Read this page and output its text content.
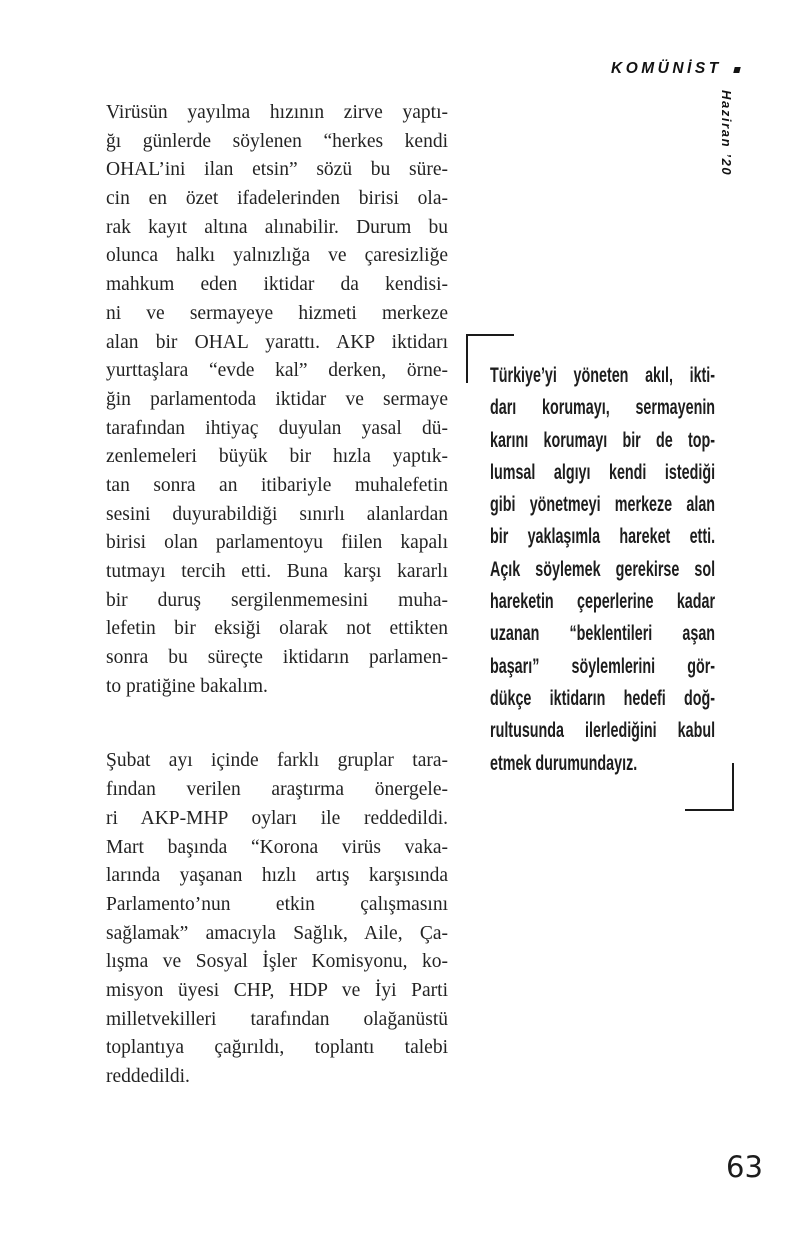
KOMÜNİST
Haziran ’20
Virüsün yayılma hızının zirve yaptı-
ğı günlerde söylenen “herkes kendi
OHAL’ini ilan etsin” sözü bu süre-
cin en özet ifadelerinden birisi ola-
rak kayıt altına alınabilir. Durum bu
olunca halkı yalnızlığa ve çaresizliğe
mahkum eden iktidar da kendisi-
ni ve sermayeye hizmeti merkeze
alan bir OHAL yarattı. AKP iktidarı
yurttaşlara “evde kal” derken, örne-
ğin parlamentoda iktidar ve sermaye
tarafından ihtiyaç duyulan yasal dü-
zenlemeleri büyük bir hızla yaptık-
tan sonra an itibariyle muhalefetin
sesini duyurabildiği sınırlı alanlardan
birisi olan parlamentoyu fiilen kapalı
tutmayı tercih etti. Buna karşı kararlı
bir duruş sergilenmemesini muha-
lefetin bir eksiği olarak not ettikten
sonra bu süreçte iktidarın parlamen-
to pratiğine bakalım.
Şubat ayı içinde farklı gruplar tara-
fından verilen araştırma önergele-
ri AKP-MHP oyları ile reddedildi.
Mart başında “Korona virüs vaka-
larında yaşanan hızlı artış karşısında
Parlamento’nun etkin çalışmasını
sağlamak” amacıyla Sağlık, Aile, Ça-
lışma ve Sosyal İşler Komisyonu, ko-
misyon üyesi CHP, HDP ve İyi Parti
milletvekilleri tarafından olağanüstü
toplantıya çağırıldı, toplantı talebi
reddedildi.
Türkiye’yi yöneten akıl, ikti-
darı korumayı, sermayenin
karını korumayı bir de top-
lumsal algıyı kendi istediği
gibi yönetmeyi merkeze alan
bir yaklaşımla hareket etti.
Açık söylemek gerekirse sol
hareketin çeperlerine kadar
uzanan “beklentileri aşan
başarı” söylemlerini gör-
dükçe iktidarın hedefi doğ-
rultusunda ilerlediğini kabul
etmek durumundayız.
63
